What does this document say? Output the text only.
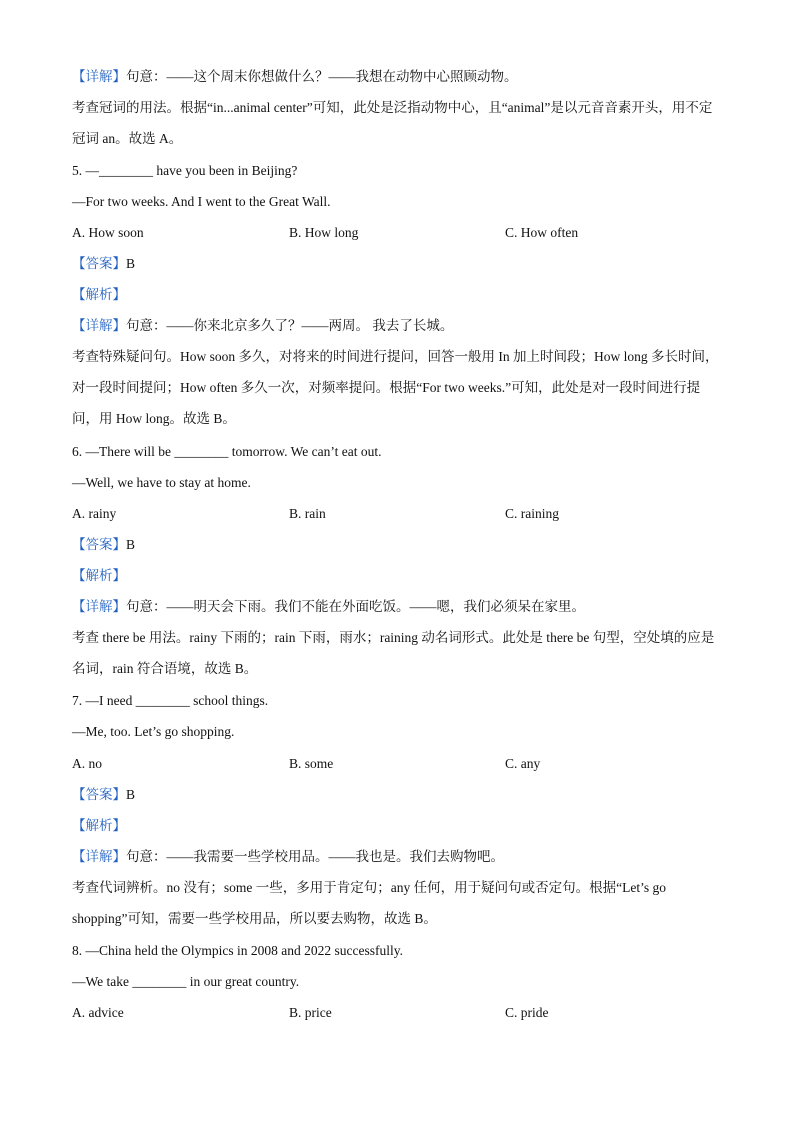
【详解】句意：——这个周末你想做什么？——我想在动物中心照顾动物。
考查冠词的用法。根据“in...animal center”可知，此处是泛指动物中心，且“animal”是以元音音素开头，用不定冠词 an。故选 A。
5. —________ have you been in Beijing?
—For two weeks. And I went to the Great Wall.
A. How soon	B. How long	C. How often
【答案】B
【解析】
【详解】句意：——你来北京多久了？——两周。 我去了长城。
考查特殊疑问句。How soon 多久，对将来的时间进行提问，回答一般用 In 加上时间段；How long 多长时间，对一段时间提问；How often 多久一次，对频率提问。根据“For two weeks.”可知，此处是对一段时间进行提问，用 How long。故选 B。
6. —There will be ________ tomorrow. We can’t eat out.
—Well, we have to stay at home.
A. rainy	B. rain	C. raining
【答案】B
【解析】
【详解】句意：——明天会下雨。我们不能在外面吃饭。——嗯，我们必须呆在家里。
考查 there be 用法。rainy 下雨的；rain 下雨，雨水；raining 动名词形式。此处是 there be 句型，空处填的应是名词，rain 符合语境，故选 B。
7. —I need ________ school things.
—Me, too. Let’s go shopping.
A. no	B. some	C. any
【答案】B
【解析】
【详解】句意：——我需要一些学校用品。——我也是。我们去购物吧。
考查代词辨析。no 没有；some 一些，多用于肯定句；any 任何，用于疑问句或否定句。根据“Let’s go shopping”可知，需要一些学校用品，所以要去购物，故选 B。
8. —China held the Olympics in 2008 and 2022 successfully.
—We take ________ in our great country.
A. advice	B. price	C. pride
